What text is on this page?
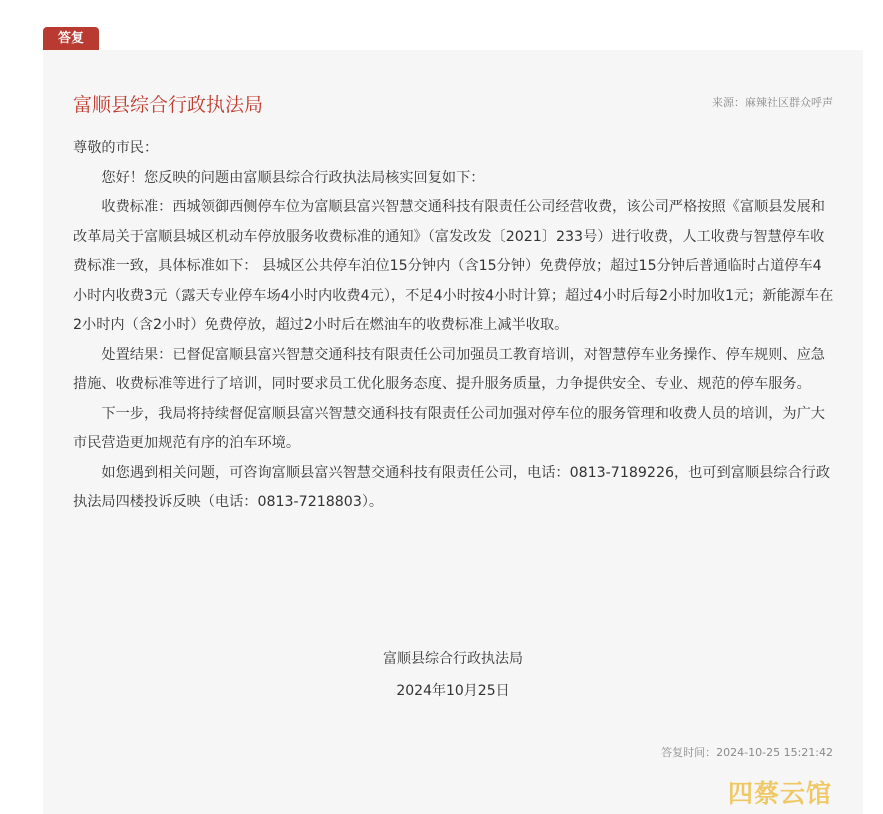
答复
富顺县综合行政执法局	来源：麻辣社区群众呼声

尊敬的市民：

您好！您反映的问题由富顺县综合行政执法局核实回复如下：

收费标准：西城领御西侧停车位为富顺县富兴智慧交通科技有限责任公司经营收费，该公司严格按照《富顺县发展和改革局关于富顺县城区机动车停放服务收费标准的通知》（富发改发〔2021〕233号）进行收费，人工收费与智慧停车收费标准一致，具体标准如下： 县城区公共停车泊位15分钟内（含15分钟）免费停放；超过15分钟后普通临时占道停车4小时内收费3元（露天专业停车场4小时内收费4元），不足4小时按4小时计算；超过4小时后每2小时加收1元；新能源车在2小时内（含2小时）免费停放，超过2小时后在燃油车的收费标准上减半收取。

处置结果：已督促富顺县富兴智慧交通科技有限责任公司加强员工教育培训，对智慧停车业务操作、停车规则、应急措施、收费标准等进行了培训，同时要求员工优化服务态度、提升服务质量，力争提供安全、专业、规范的停车服务。

下一步，我局将持续督促富顺县富兴智慧交通科技有限责任公司加强对停车位的服务管理和收费人员的培训，为广大市民营造更加规范有序的泊车环境。

如您遇到相关问题，可咨询富顺县富兴智慧交通科技有限责任公司，电话：0813-7189226，也可到富顺县综合行政执法局四楼投诉反映（电话：0813-7218803）。

富顺县综合行政执法局
2024年10月25日
答复时间：2024-10-25 15:21:42
四蔡云馆
